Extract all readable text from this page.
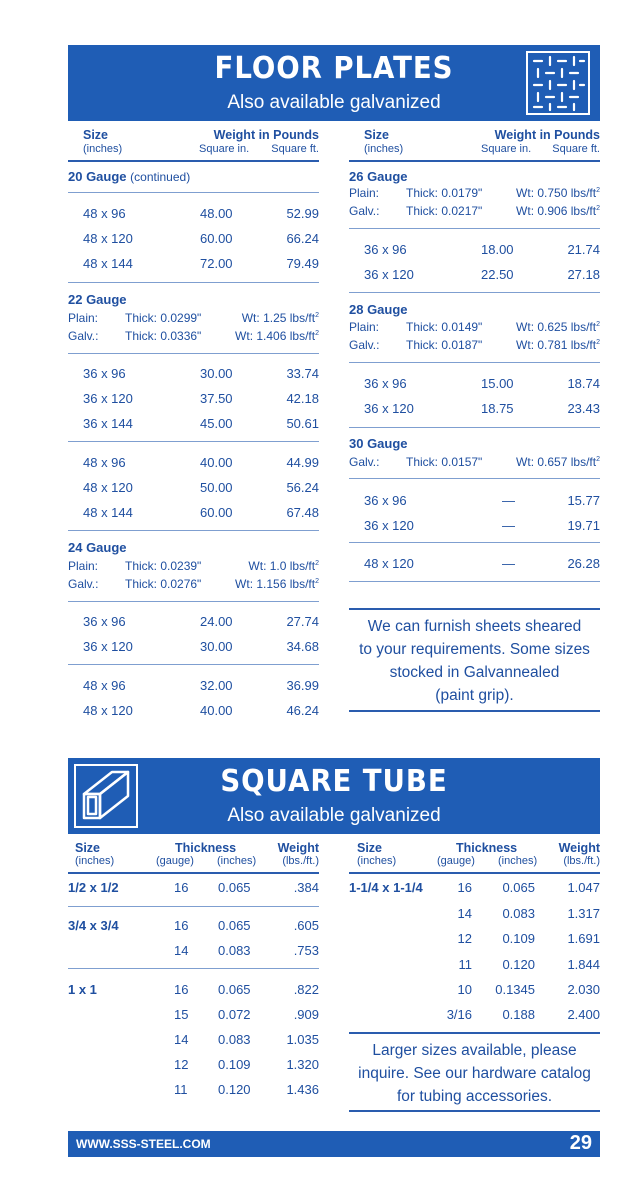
FLOOR PLATES
Also available galvanized
Size
(inches)
Weight in Pounds
Square in.	Square ft.
20 Gauge (continued)
48 x 96	48.00	52.99
48 x 120	60.00	66.24
48 x 144	72.00	79.49
22 Gauge
Plain: Thick: 0.0299"	Wt: 1.25 lbs/$ft^2$
Galv.: Thick: 0.0336"	Wt: 1.406 lbs/$ft^2$
36 x 96	30.00	33.74
36 x 120	37.50	42.18
36 x 144	45.00	50.61
48 x 96	40.00	44.99
48 x 120	50.00	56.24
48 x 144	60.00	67.48
24 Gauge
Plain: Thick: 0.0239"	Wt: 1.0 lbs/$ft^2$
Galv.: Thick: 0.0276"	Wt: 1.156 lbs/$ft^2$
36 x 96	24.00	27.74
36 x 120	30.00	34.68
48 x 96	32.00	36.99
48 x 120	40.00	46.24
Size
(inches)
Weight in Pounds
Square in.	Square ft.
26 Gauge
Plain: Thick: 0.0179"	Wt: 0.750 lbs/$ft^2$
Galv.: Thick: 0.0217"	Wt: 0.906 lbs/$ft^2$
36 x 96	18.00	21.74
36 x 120	22.50	27.18
28 Gauge
Plain: Thick: 0.0149"	Wt: 0.625 lbs/$ft^2$
Galv.: Thick: 0.0187"	Wt: 0.781 lbs/$ft^2$
36 x 96	15.00	18.74
36 x 120	18.75	23.43
30 Gauge
Galv.: Thick: 0.0157"	Wt: 0.657 lbs/$ft^2$
36 x 96	—	15.77
36 x 120	—	19.71
48 x 120	—	26.28
We can furnish sheets sheared
to your requirements. Some sizes
stocked in Galvannealed
(paint grip).
SQUARE TUBE
Also available galvanized
Size
(inches)
Thickness
(gauge) (inches)
Weight
(lbs./ft.)
1/2 x 1/2	16 0.065	.384
3/4 x 3/4	16 0.065	.605
14 0.083	.753
1 x 1	16 0.065	.822
15 0.072	.909
14 0.083	1.035
12 0.109	1.320
11 0.120	1.436
Size
(inches)
Thickness
(gauge) (inches)
Weight
(lbs./ft.)
1-1/4 x 1-1/4	16	0.065	1.047
14	0.083	1.317
12	0.109	1.691
11	0.120	1.844
10	0.1345	2.030
3/16	0.188	2.400
Larger sizes available, please
inquire. See our hardware catalog
for tubing accessories.
WWW.SSS-STEEL.COM	29
